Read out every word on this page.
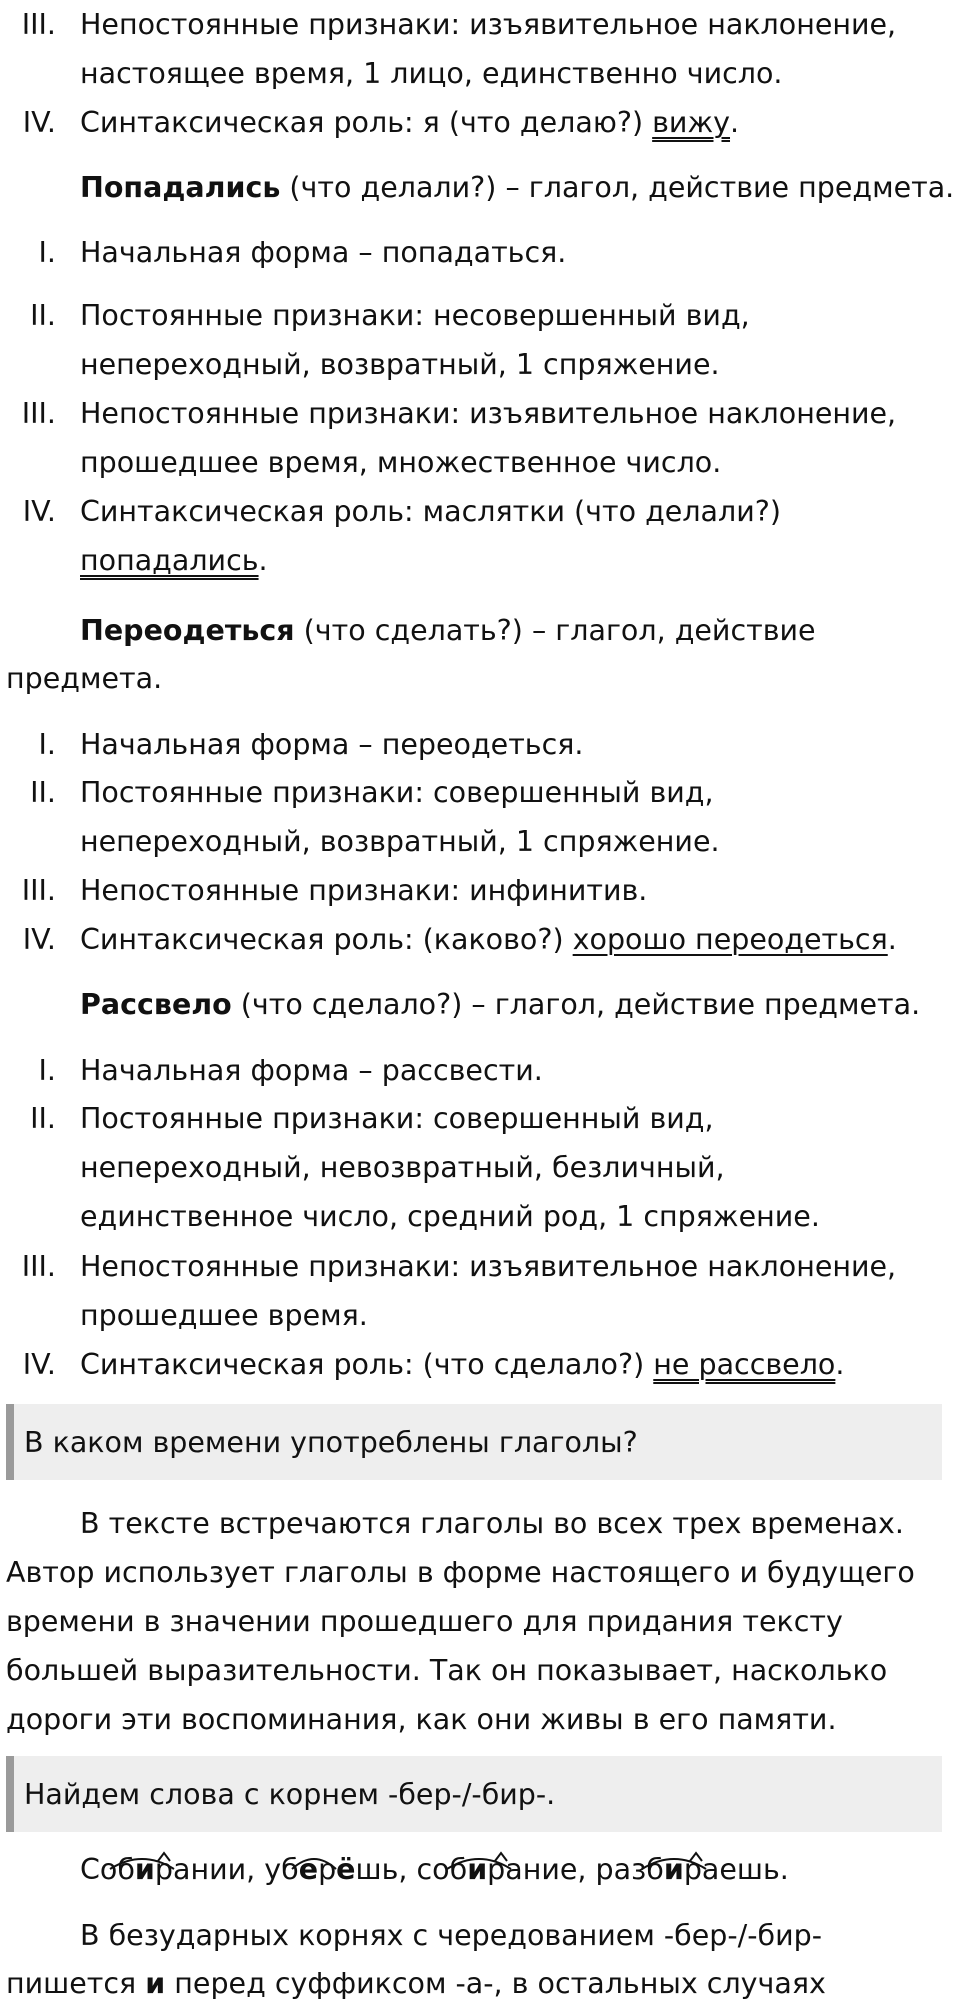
III. Непостоянные признаки: изъявительное наклонение,
настоящее время, 1 лицо, единственно число.
IV. Синтаксическая роль: я (что делаю?) вижу.
Попадались (что делали?) – глагол, действие предмета.
I. Начальная форма – попадаться.
II. Постоянные признаки: несовершенный вид,
непереходный, возвратный, 1 спряжение.
III. Непостоянные признаки: изъявительное наклонение,
прошедшее время, множественное число.
IV. Синтаксическая роль: маслятки (что делали?)
попадались.
Переодеться (что сделать?) – глагол, действие
предмета.
I. Начальная форма – переодеться.
II. Постоянные признаки: совершенный вид,
непереходный, возвратный, 1 спряжение.
III. Непостоянные признаки: инфинитив.
IV. Синтаксическая роль: (каково?) хорошо переодеться.
Рассвело (что сделало?) – глагол, действие предмета.
I. Начальная форма – рассвести.
II. Постоянные признаки: совершенный вид,
непереходный, невозвратный, безличный,
единственное число, средний род, 1 спряжение.
III. Непостоянные признаки: изъявительное наклонение,
прошедшее время.
IV. Синтаксическая роль: (что сделало?) не рассвело.
В каком времени употреблены глаголы?
В тексте встречаются глаголы во всех трех временах.
Автор использует глаголы в форме настоящего и будущего
времени в значении прошедшего для придания тексту
большей выразительности. Так он показывает, насколько
дороги эти воспоминания, как они живы в его памяти.
Найдем слова с корнем -бер-/-бир-.
Собирании,
уберёшь,
собирание,
разбираешь.
В безударных корнях с чередованием -бер-/-бир-
пишется и перед суффиксом -а-, в остальных случаях
